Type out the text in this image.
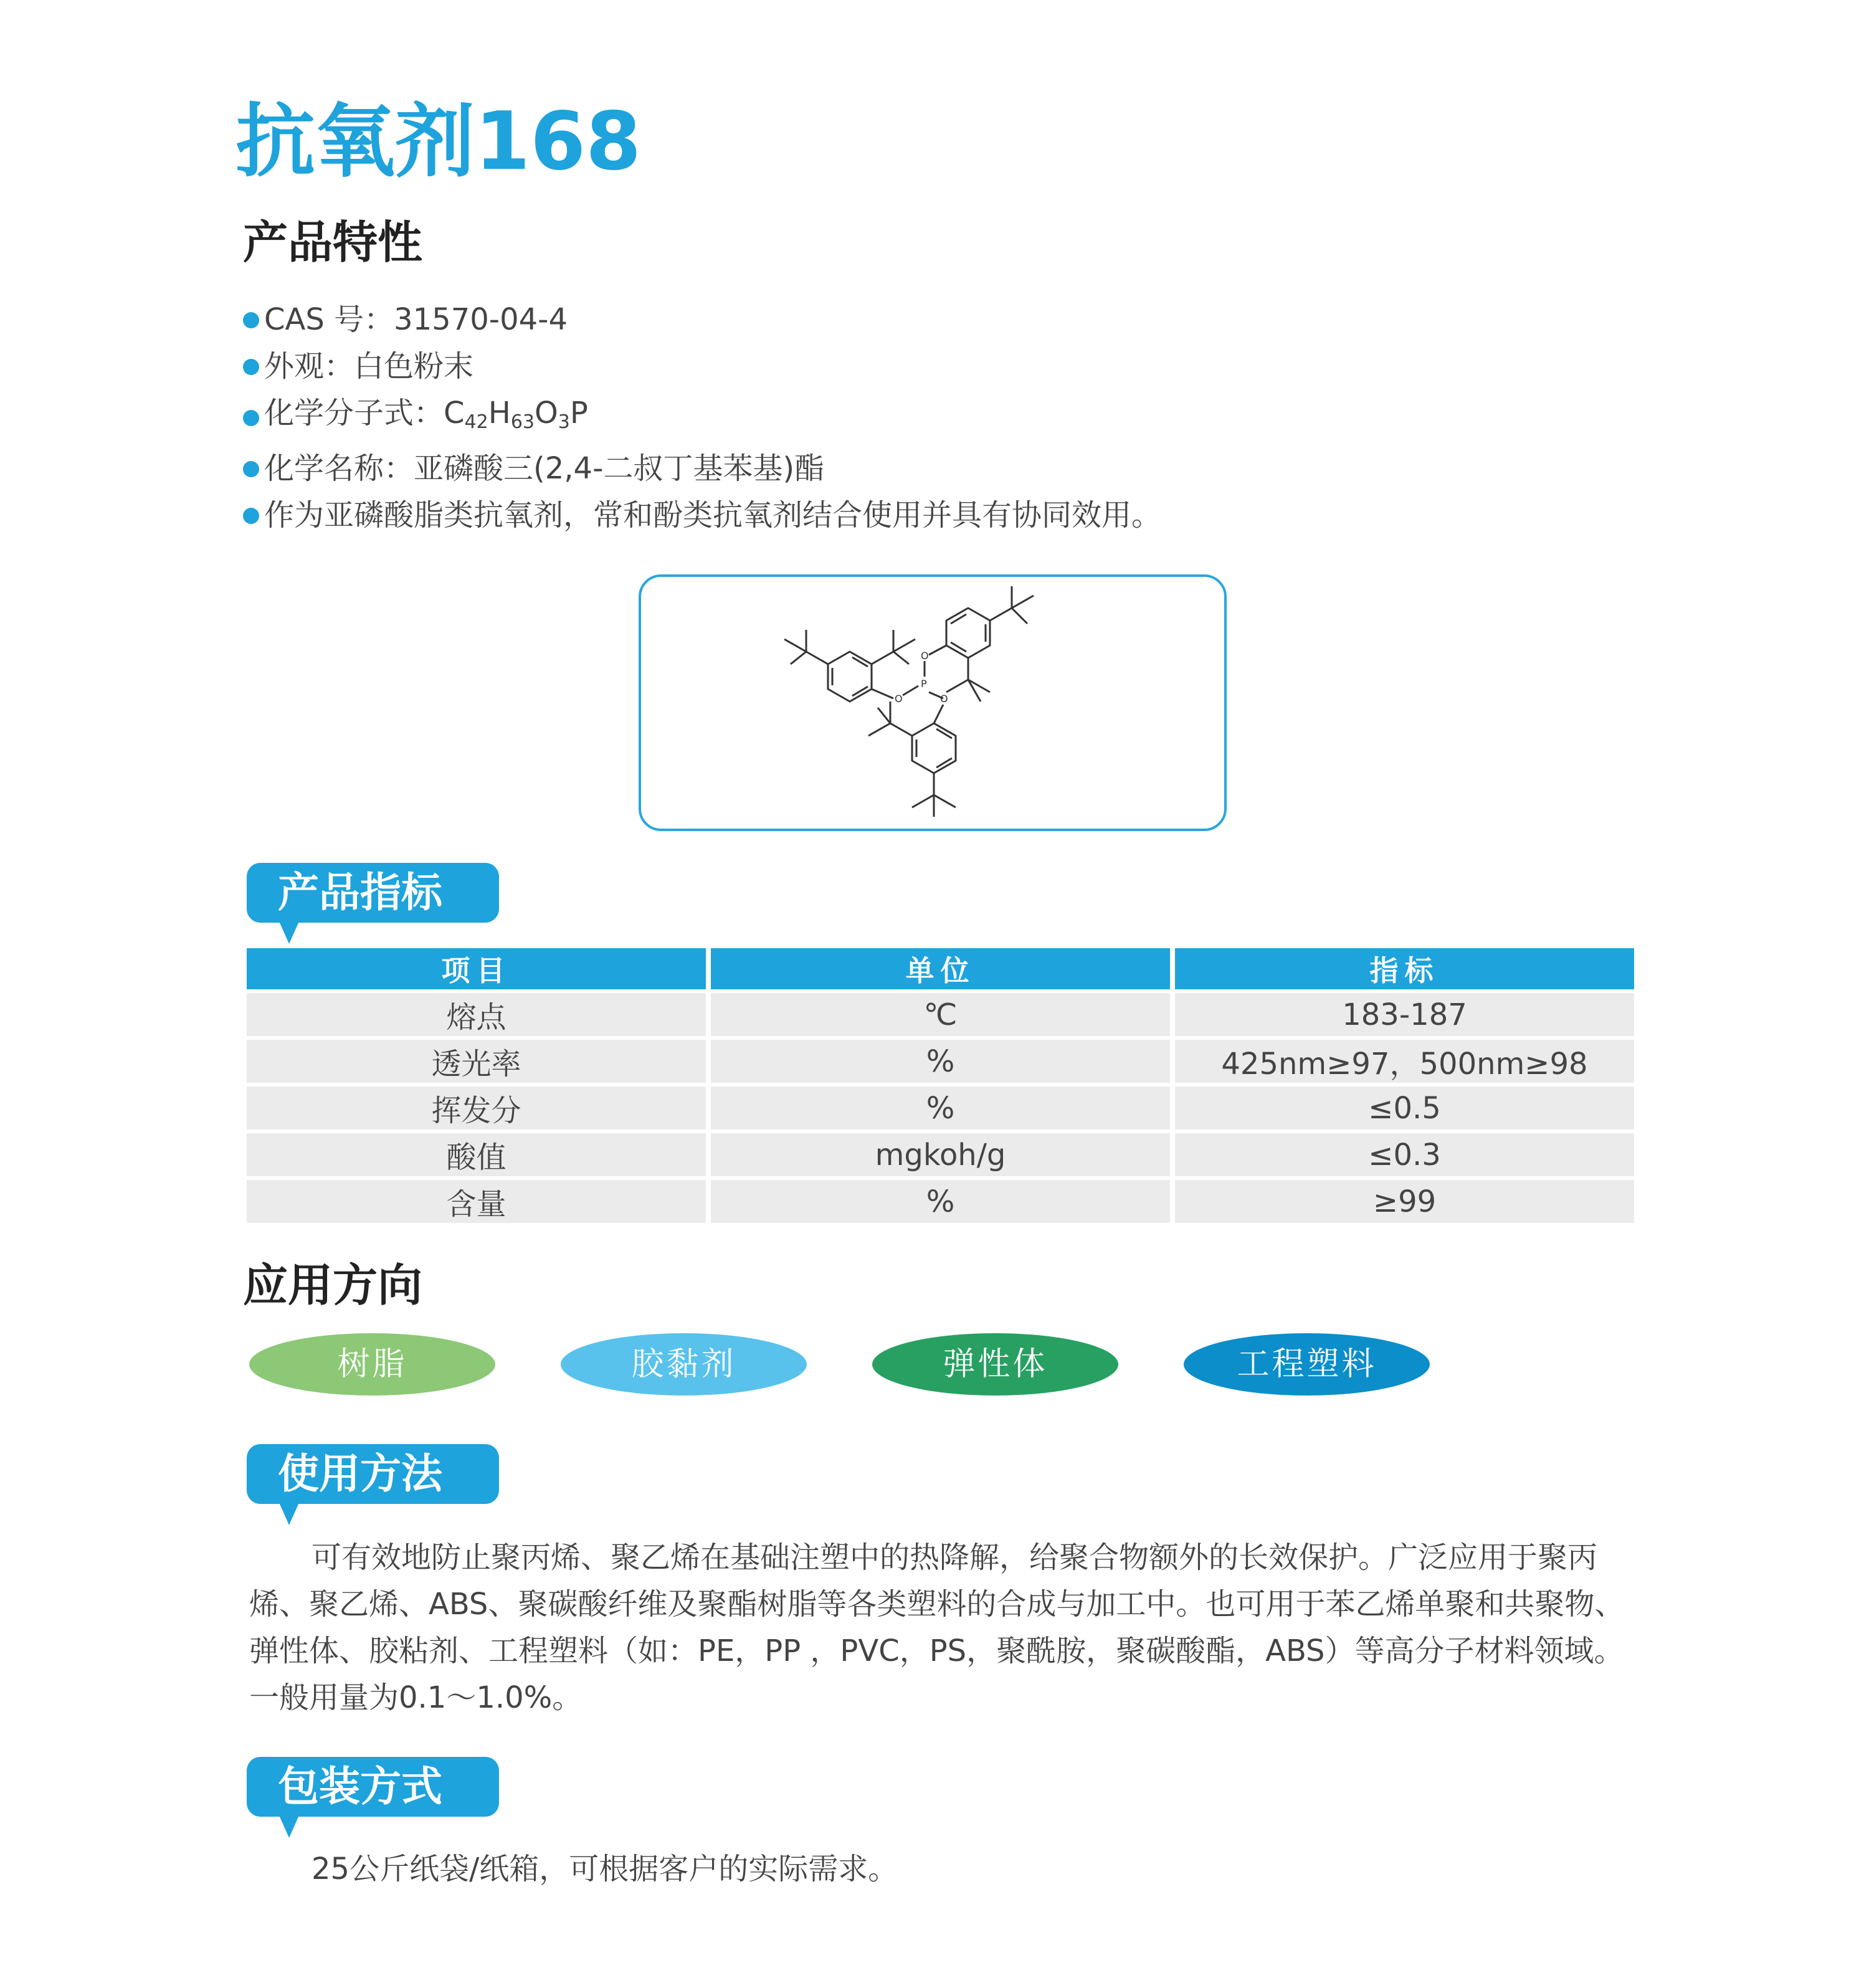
抗氧剂168
产品特性
CAS 号：31570-04-4
外观：白色粉末
化学分子式：$C_{42}H_{63}O_3P$
化学名称：亚磷酸三(2,4-二叔丁基苯基)酯
作为亚磷酸脂类抗氧剂，常和酚类抗氧剂结合使用并具有协同效用。
O
P
O
O
产品指标
项目	单位	指标
熔点	℃	183-187
透光率	%	425nm≥97，500nm≥98
挥发分	%	≤0.5
酸值	mgkoh/g	≤0.3
含量	%	≥99
应用方向
树脂	胶黏剂	弹性体	工程塑料
使用方法

可有效地防止聚丙烯、聚乙烯在基础注塑中的热降解，给聚合物额外的长效保护。广泛应用于聚丙烯、聚乙烯、ABS、聚碳酸纤维及聚酯树脂等各类塑料的合成与加工中。也可用于苯乙烯单聚和共聚物、弹性体、胶粘剂、工程塑料（如：PE，PP ，PVC，PS，聚酰胺，聚碳酸酯，ABS）等高分子材料领域。一般用量为0.1～1.0%。

包装方式

25公斤纸袋/纸箱，可根据客户的实际需求。
